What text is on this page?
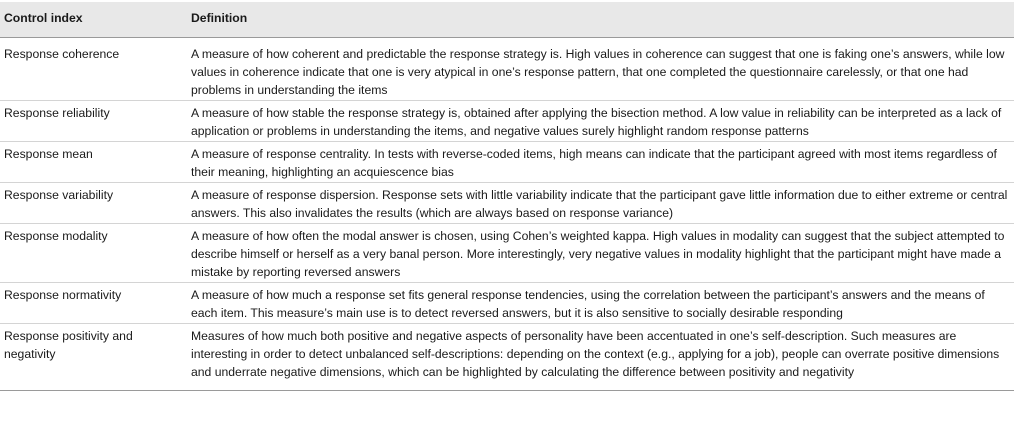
Control index	Definition
Response coherence	A measure of how coherent and predictable the response strategy is. High values in coherence can suggest that one is faking one’s answers, while low values in coherence indicate that one is very atypical in one’s response pattern, that one completed the questionnaire carelessly, or that one had problems in understanding the items
Response reliability	A measure of how stable the response strategy is, obtained after applying the bisection method. A low value in reliability can be interpreted as a lack of application or problems in understanding the items, and negative values surely highlight random response patterns
Response mean	A measure of response centrality. In tests with reverse-coded items, high means can indicate that the participant agreed with most items regardless of their meaning, highlighting an acquiescence bias
Response variability	A measure of response dispersion. Response sets with little variability indicate that the participant gave little information due to either extreme or central answers. This also invalidates the results (which are always based on response variance)
Response modality	A measure of how often the modal answer is chosen, using Cohen’s weighted kappa. High values in modality can suggest that the subject attempted to describe himself or herself as a very banal person. More interestingly, very negative values in modality highlight that the participant might have made a mistake by reporting reversed answers
Response normativity	A measure of how much a response set fits general response tendencies, using the correlation between the participant’s answers and the means of each item. This measure’s main use is to detect reversed answers, but it is also sensitive to socially desirable responding
Response positivity and negativity	Measures of how much both positive and negative aspects of personality have been accentuated in one’s self-description. Such measures are interesting in order to detect unbalanced self-descriptions: depending on the context (e.g., applying for a job), people can overrate positive dimensions and underrate negative dimensions, which can be highlighted by calculating the difference between positivity and negativity
